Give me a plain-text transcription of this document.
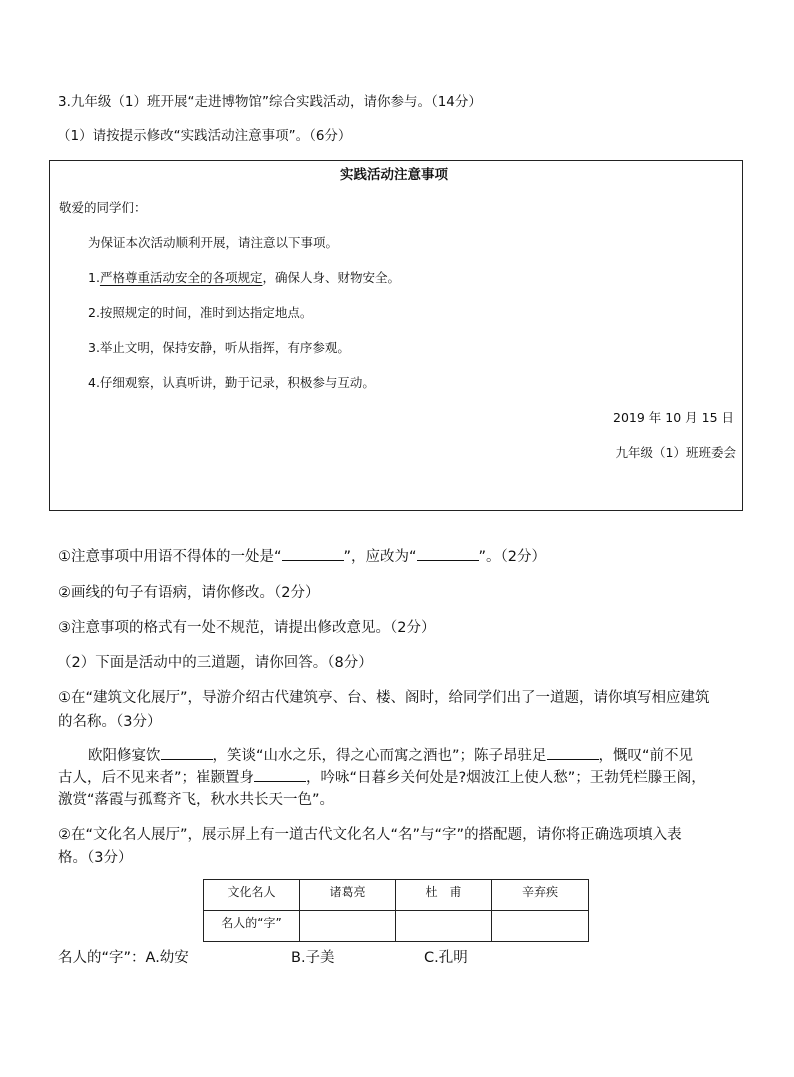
3.九年级（1）班开展“走进博物馆”综合实践活动，请你参与。（14分）
（1）请按提示修改“实践活动注意事项”。（6分）
实践活动注意事项
敬爱的同学们：
为保证本次活动顺利开展，请注意以下事项。
1.严格尊重活动安全的各项规定，确保人身、财物安全。
2.按照规定的时间，准时到达指定地点。
3.举止文明，保持安静，听从指挥，有序参观。
4.仔细观察，认真听讲，勤于记录，积极参与互动。
2019 年 10 月 15 日
九年级（1）班班委会
①注意事项中用语不得体的一处是“	”，应改为“	”。（2分）
②画线的句子有语病，请你修改。（2分）
③注意事项的格式有一处不规范，请提出修改意见。（2分）
（2）下面是活动中的三道题，请你回答。（8分）
①在“建筑文化展厅”，导游介绍古代建筑亭、台、楼、阁时，给同学们出了一道题，请你填写相应建筑
的名称。（3分）
欧阳修宴饮	，笑谈“山水之乐，得之心而寓之酒也”；陈子昂驻足	，慨叹“前不见
古人，后不见来者”；崔颢置身	，吟咏“日暮乡关何处是?烟波江上使人愁”；王勃凭栏滕王阁，
激赏“落霞与孤鹜齐飞，秋水共长天一色”。
②在“文化名人展厅”，展示屏上有一道古代文化名人“名”与“字”的搭配题，请你将正确选项填入表
格。（3分）
文化名人	诸葛亮	杜　甫	辛弃疾

名人的“字”			

名人的“字”：A.幼安	B.子美	C.孔明
